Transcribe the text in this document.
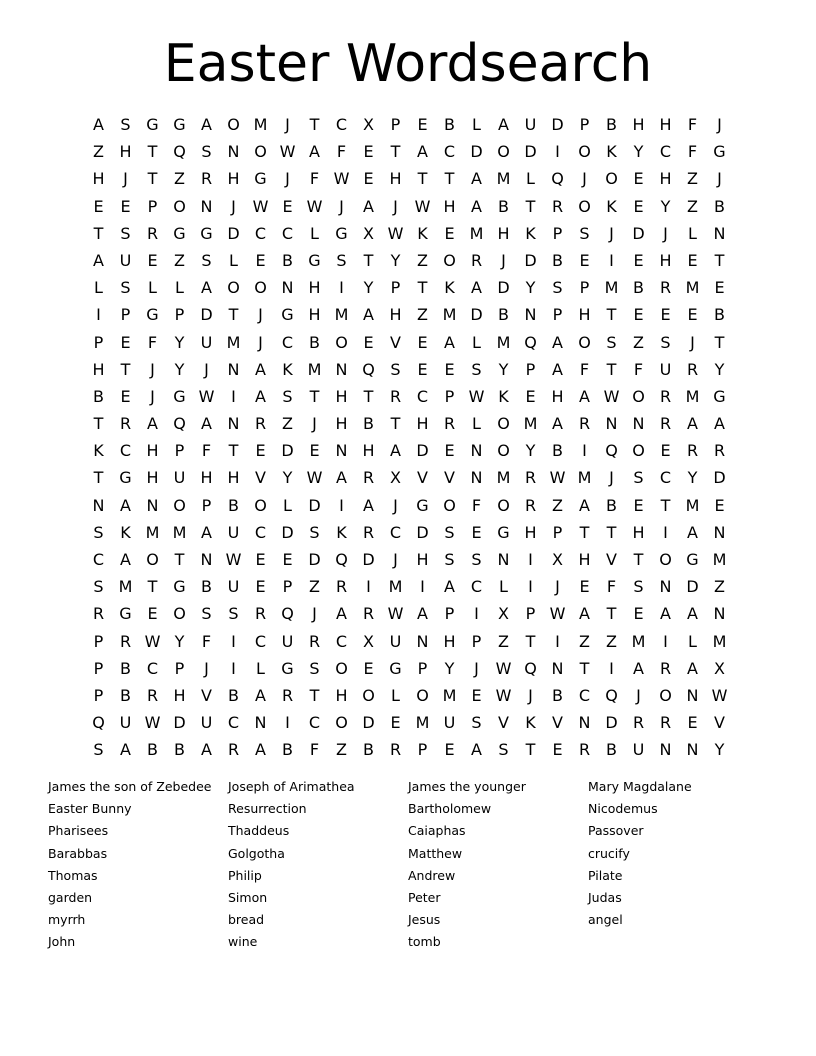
Easter Wordsearch
A	S G G A O M	J	T	C X	P	E	B	L	A U D	P	B H H	F	J
Z H	T Q S N O W A	F	E	T	A C D O D	I	O K	Y	C	F	G
H	J	T	Z R H G	J	F W E H	T	T	A M L	Q	J	O E H Z	J
E	E	P O N	J	W E W	J	A	J	W H A	B	T	R O K	E	Y	Z	B
T	S	R G G D C C	L	G X W K	E M H K	P	S	J	D	J	L	N
A U	E	Z	S	L	E	B G S	T	Y	Z O R	J	D B	E	I	E H E	T
L	S	L	L	A O O N H	I	Y	P	T	K	A D Y	S	P M B R M E
I	P G P	D T	J	G H M A H Z M D B N	P	H	T	E	E	E	B
P	E	F	Y	U M	J	C B O E	V	E	A	L M Q A O S	Z	S	J	T
H	T	J	Y	J	N A	K M N Q S	E	E	S	Y	P	A	F	T	F	U R	Y
B	E	J	G W	I	A	S	T	H	T	R C	P W K	E H A W O R M G
T	R A Q A N R Z	J	H B	T	H R	L	O M A R N N R A	A
K	C H	P	F	T	E D E N H A D E N O Y	B	I	Q O E	R R
T G H U H H V	Y W A R X	V	V N M R W M	J	S	C	Y D
N A N O P	B O	L	D	I	A	J	G O	F	O R Z	A	B	E	T M E
S	K M M A U C D S	K	R C D S	E G H	P	T	T	H	I	A N
C A O T	N W E	E D Q D	J	H S	S N	I	X H V	T O G M
S M T G B U	E	P	Z R	I	M	I	A C	L	I	J	E	F	S N D Z
R G E O S	S	R Q	J	A R W A	P	I	X	P W A	T	E	A	A N
P	R W Y	F	I	C U R C X U N H	P	Z	T	I	Z	Z M	I	L M
P	B C	P	J	I	L	G S O E G P	Y	J	W Q N	T	I	A R A	X
P	B R H V	B	A R	T	H O	L	O M E W	J	B C Q	J	O N W
Q U W D U C N	I	C O D E M U	S	V	K	V N D R R	E	V
S	A	B	B	A R A	B	F	Z	B R	P	E	A	S	T	E	R B U N N	Y
James the son of Zebedee
Easter Bunny
Pharisees
Barabbas
Thomas
garden
myrrh
John
Joseph of Arimathea
Resurrection
Thaddeus
Golgotha
Philip
Simon
bread
wine
James the younger
Bartholomew
Caiaphas
Matthew
Andrew
Peter
Jesus
tomb
Mary Magdalane
Nicodemus
Passover
crucify
Pilate
Judas
angel
